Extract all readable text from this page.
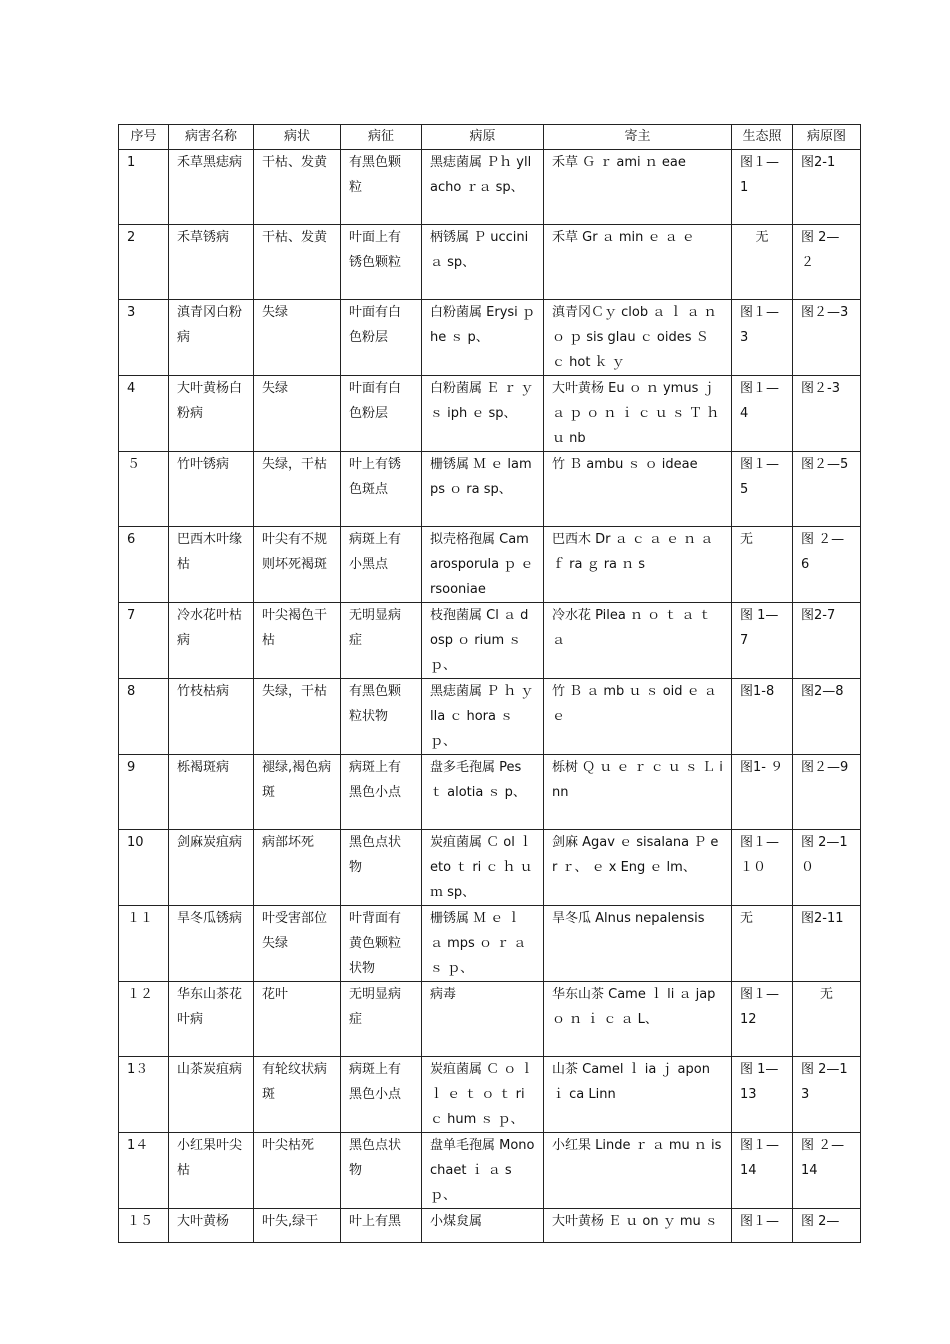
序号	病害名称	病状	病征	病原	寄主	生态照	病原图
1	禾草黑痣病	干枯、发黄	有黑色颗粒	黑痣菌属 Ｐｈ yllacho ｒａ sp、	禾草 Ｇ ｒ ami ｎ eae	图１—1	图2-1
2	禾草锈病	干枯、发黄	叶面上有锈色颗粒	柄锈属 Ｐ uccini ａ sp、	禾草 Gr ａ min ｅ ａ ｅ	无	图 2—２
3	滇青冈白粉病	失绿	叶面有白色粉层	白粉菌属 Erysi ｐ he ｓ p、	滇青冈Ｃｙ clob ａ ｌ ａ ｎ ｏ ｐ sis glau ｃ oides Ｓ ｃ hot ｋ ｙ	图１—3	图２—3
4	大叶黄杨白粉病	失绿	叶面有白色粉层	白粉菌属 Ｅ ｒ ｙ ｓ iph ｅ sp、	大叶黄杨 Eu ｏ ｎ ymus ｊ ａ ｐ ｏ ｎ ｉ ｃ ｕ ｓ Ｔ ｈ ｕ nb	图１—4	图２-3
５	竹叶锈病	失绿，干枯	叶上有锈色斑点	栅锈属 Ｍ ｅ lamps ｏ ra sp、	竹 Ｂ ambu ｓ ｏ ideae	图１—5	图２—5
6	巴西木叶缘枯	叶尖有不规则坏死褐斑	病斑上有小黑点	拟壳格孢属 Camarosporula ｐ ｅ rsooniae	巴西木 Dr ａ ｃ ａ ｅ ｎ ａ ｆ ra ｇ ra ｎ s	无	图 ２—6
7	冷水花叶枯病	叶尖褐色干枯	无明显病症	枝孢菌属 Cl ａ dosp ｏ rium ｓ ｐ、	冷水花 Pilea ｎ ｏ ｔ ａ ｔ ａ	图 1—7	图2-7
8	竹枝枯病	失绿，干枯	有黑色颗粒状物	黑痣菌属 Ｐ ｈ ｙ lla ｃ hora ｓ ｐ、	竹 Ｂ ａ mb ｕ ｓ oid ｅ ａ ｅ	图1-8	图2—8
9	栎褐斑病	褪绿,褐色病斑	病斑上有黑色小点	盘多毛孢属 Pes ｔ alotia ｓ p、	栎树 Ｑ ｕ ｅ ｒ ｃ ｕ ｓ Ｌ inn	图1- ９	图２—9
10	剑麻炭疽病	病部坏死	黑色点状物	炭疽菌属 Ｃ ol ｌ eto ｔ ri ｃ ｈ ｕ ｍ sp、	剑麻 Agav ｅ sisalana Ｐ er ｒ、 ｅ x Eng ｅ lm、	图１—１０	图 2—1０
１１	旱冬瓜锈病	叶受害部位失绿	叶背面有黄色颗粒状物	栅锈属 Ｍ ｅ ｌ ａ mps ｏ ｒ ａ ｓ ｐ、	旱冬瓜 Alnus nepalensis	无	图2-11
１２	华东山茶花叶病	花叶	无明显病症	病毒	华东山茶 Came ｌ li ａ jap ｏ ｎ ｉ ｃ ａ L、	图１—12	无
1３	山茶炭疽病	有轮纹状病斑	病斑上有黑色小点	炭疽菌属 Ｃ ｏ ｌ ｌ ｅ ｔ ｏ ｔ ri ｃ hum ｓ ｐ、	山茶 Camel ｌ ia ｊ apon ｉ ca Linn	图 1—13	图 2—13
1４	小红果叶尖枯	叶尖枯死	黑色点状物	盘单毛孢属 Monochaet ｉ ａ s ｐ、	小红果 Linde ｒ ａ mu ｎ is	图１—14	图 ２—14
１５	大叶黄杨	叶失,绿干	叶上有黑	小煤炱属	大叶黄杨 Ｅ ｕ on ｙ mu ｓ	图１—	图 2—
